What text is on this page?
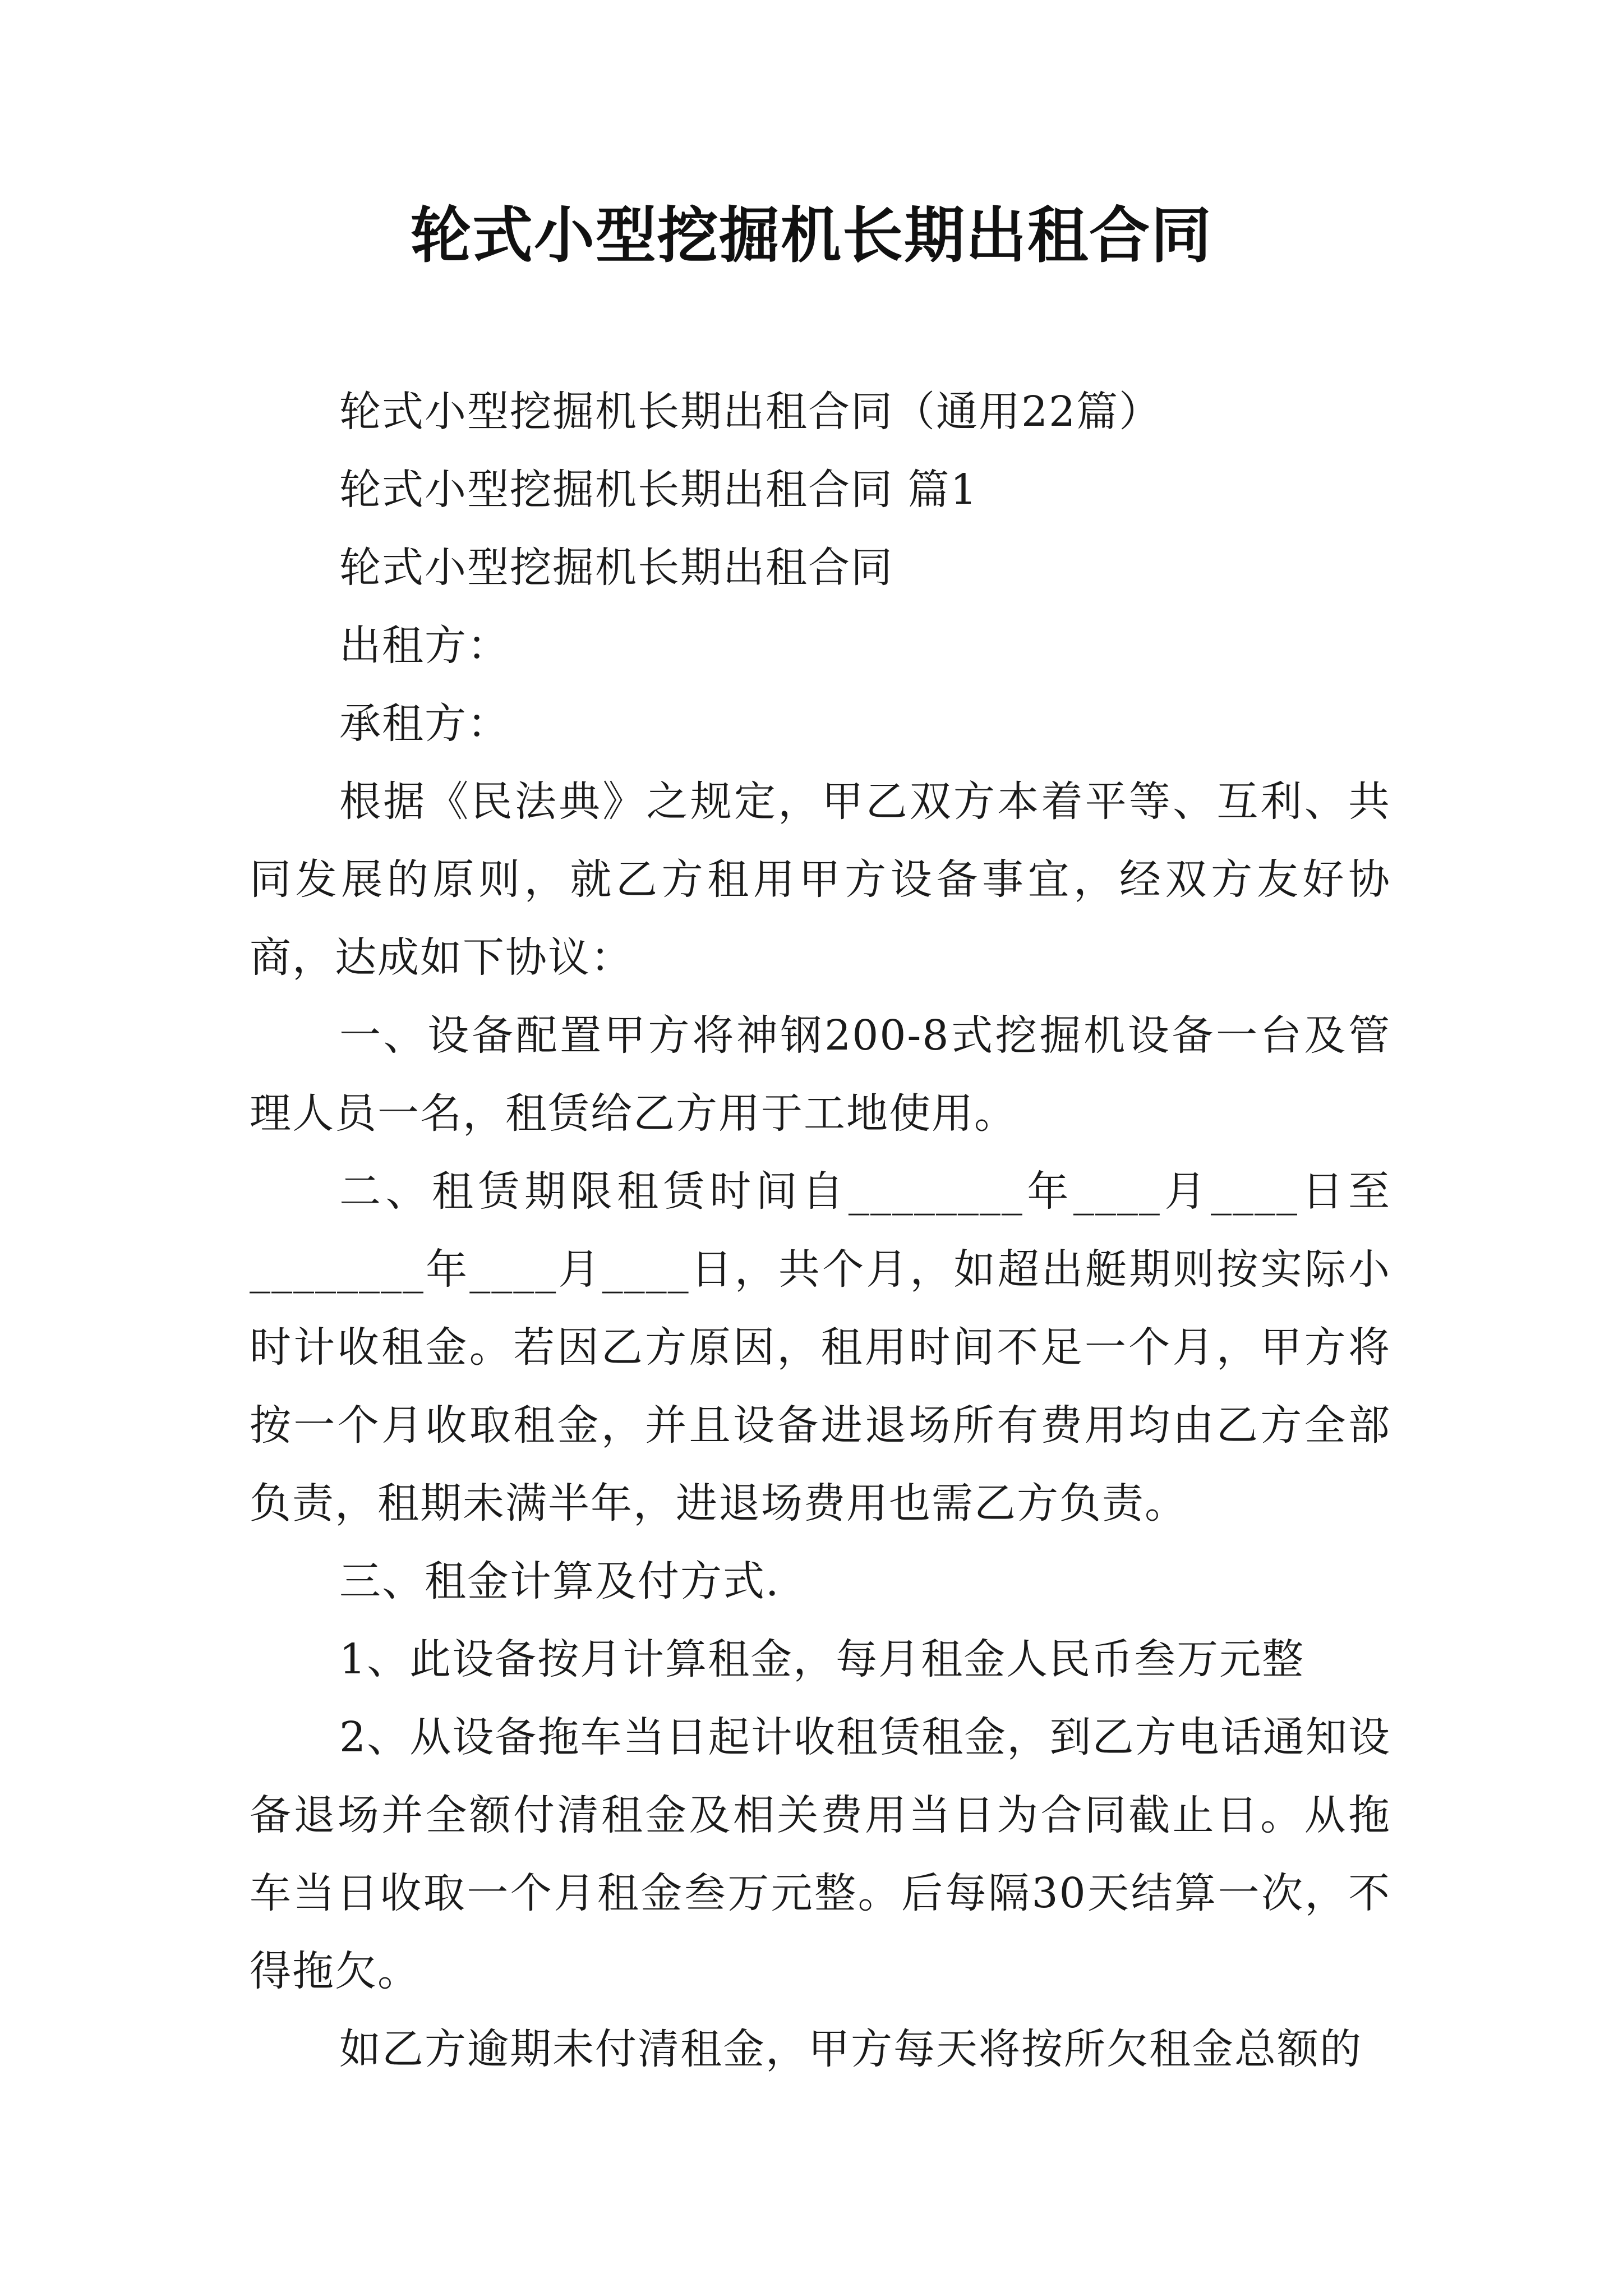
轮式小型挖掘机长期出租合同

轮式小型挖掘机长期出租合同（通用22篇）

轮式小型挖掘机长期出租合同 篇1

轮式小型挖掘机长期出租合同

出租方：

承租方：

根据《民法典》之规定，甲乙双方本着平等、互利、共同发展的原则，就乙方租用甲方设备事宜，经双方友好协商，达成如下协议：

一、设备配置甲方将神钢200-8式挖掘机设备一台及管理人员一名，租赁给乙方用于工地使用。

二、租赁期限租赁时间自________年____月____日至________年____月____日，共个月，如超出艇期则按实际小时计收租金。若因乙方原因，租用时间不足一个月，甲方将按一个月收取租金，并且设备进退场所有费用均由乙方全部负责，租期未满半年，进退场费用也需乙方负责。

三、租金计算及付方式.

1、此设备按月计算租金，每月租金人民币叁万元整

2、从设备拖车当日起计收租赁租金，到乙方电话通知设备退场并全额付清租金及相关费用当日为合同截止日。从拖车当日收取一个月租金叁万元整。后每隔30天结算一次，不得拖欠。

如乙方逾期未付清租金，甲方每天将按所欠租金总额的
